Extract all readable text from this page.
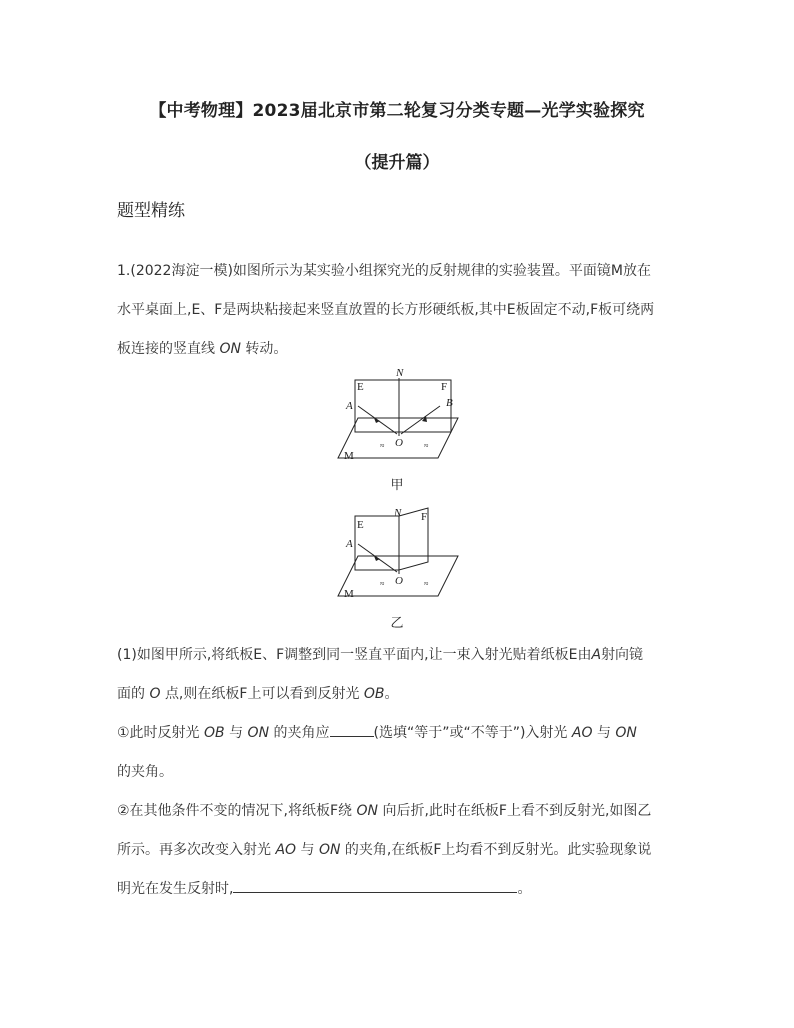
【中考物理】2023届北京市第二轮复习分类专题—光学实验探究
（提升篇）
题型精练

1.(2022海淀一模)如图所示为某实验小组探究光的反射规律的实验装置。平面镜M放在

水平桌面上,E、F是两块粘接起来竖直放置的长方形硬纸板,其中E板固定不动,F板可绕两

板连接的竖直线 ON 转动。

≈	≈
N
E	F
A	B
O
M
甲
≈	≈
N
E
F
A
O
M
乙

(1)如图甲所示,将纸板E、F调整到同一竖直平面内,让一束入射光贴着纸板E由A射向镜

面的 O 点,则在纸板F上可以看到反射光 OB。

①此时反射光 OB 与 ON 的夹角应	(选填“等于”或“不等于”)入射光 AO 与 ON

的夹角。

②在其他条件不变的情况下,将纸板F绕 ON 向后折,此时在纸板F上看不到反射光,如图乙

所示。再多次改变入射光 AO 与 ON 的夹角,在纸板F上均看不到反射光。此实验现象说

明光在发生反射时,	。
